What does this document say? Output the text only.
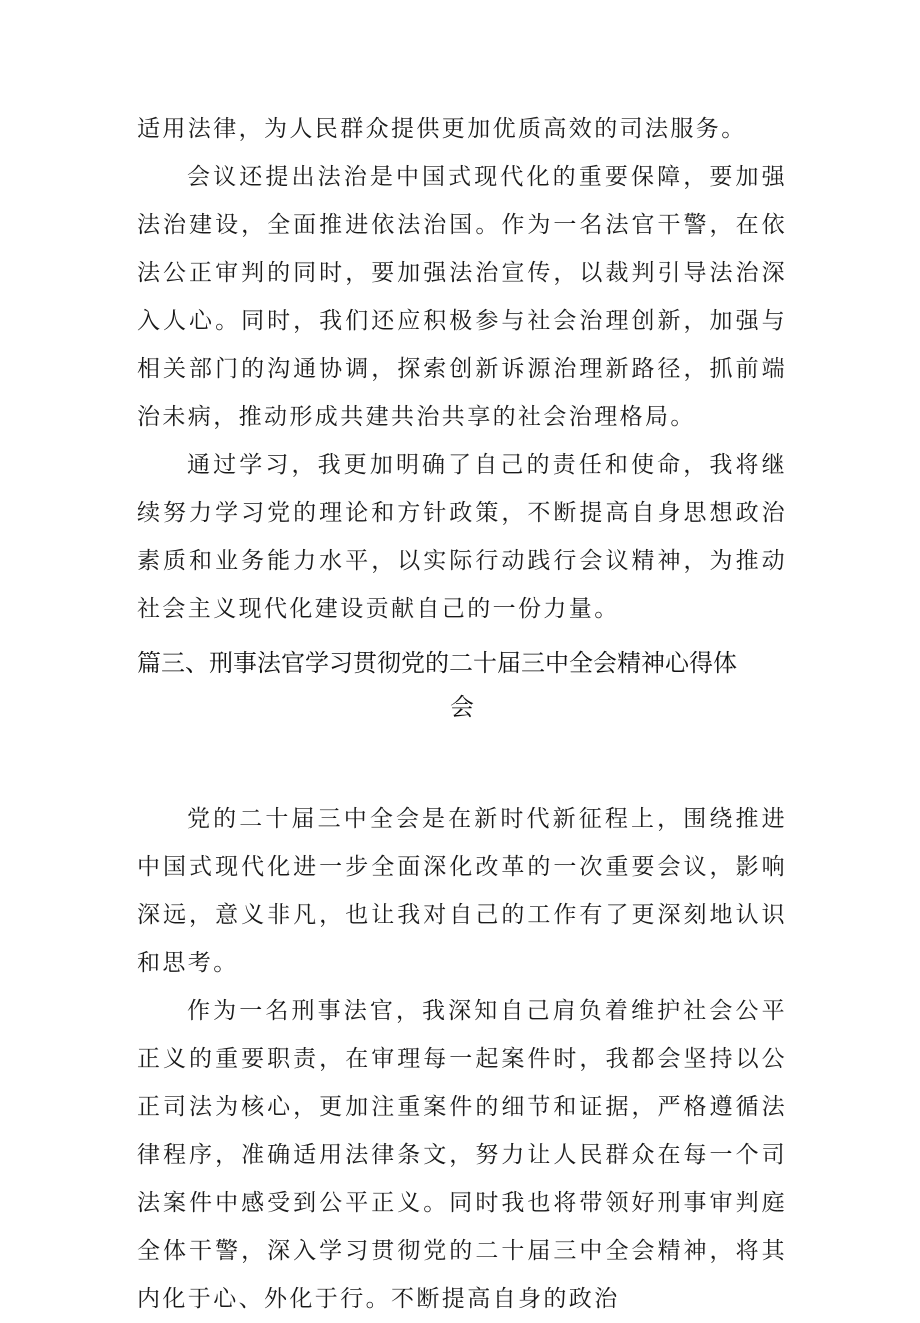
适用法律，为人民群众提供更加优质高效的司法服务。

会议还提出法治是中国式现代化的重要保障，要加强法治建设，全面推进依法治国。作为一名法官干警，在依法公正审判的同时，要加强法治宣传，以裁判引导法治深入人心。同时，我们还应积极参与社会治理创新，加强与相关部门的沟通协调，探索创新诉源治理新路径，抓前端治未病，推动形成共建共治共享的社会治理格局。

通过学习，我更加明确了自己的责任和使命，我将继续努力学习党的理论和方针政策，不断提高自身思想政治素质和业务能力水平，以实际行动践行会议精神，为推动社会主义现代化建设贡献自己的一份力量。

篇三、刑事法官学习贯彻党的二十届三中全会精神心得体
会

党的二十届三中全会是在新时代新征程上，围绕推进中国式现代化进一步全面深化改革的一次重要会议，影响深远，意义非凡，也让我对自己的工作有了更深刻地认识和思考。

作为一名刑事法官，我深知自己肩负着维护社会公平正义的重要职责，在审理每一起案件时，我都会坚持以公正司法为核心，更加注重案件的细节和证据，严格遵循法律程序，准确适用法律条文，努力让人民群众在每一个司法案件中感受到公平正义。同时我也将带领好刑事审判庭全体干警，深入学习贯彻党的二十届三中全会精神，将其内化于心、外化于行。不断提高自身的政治
